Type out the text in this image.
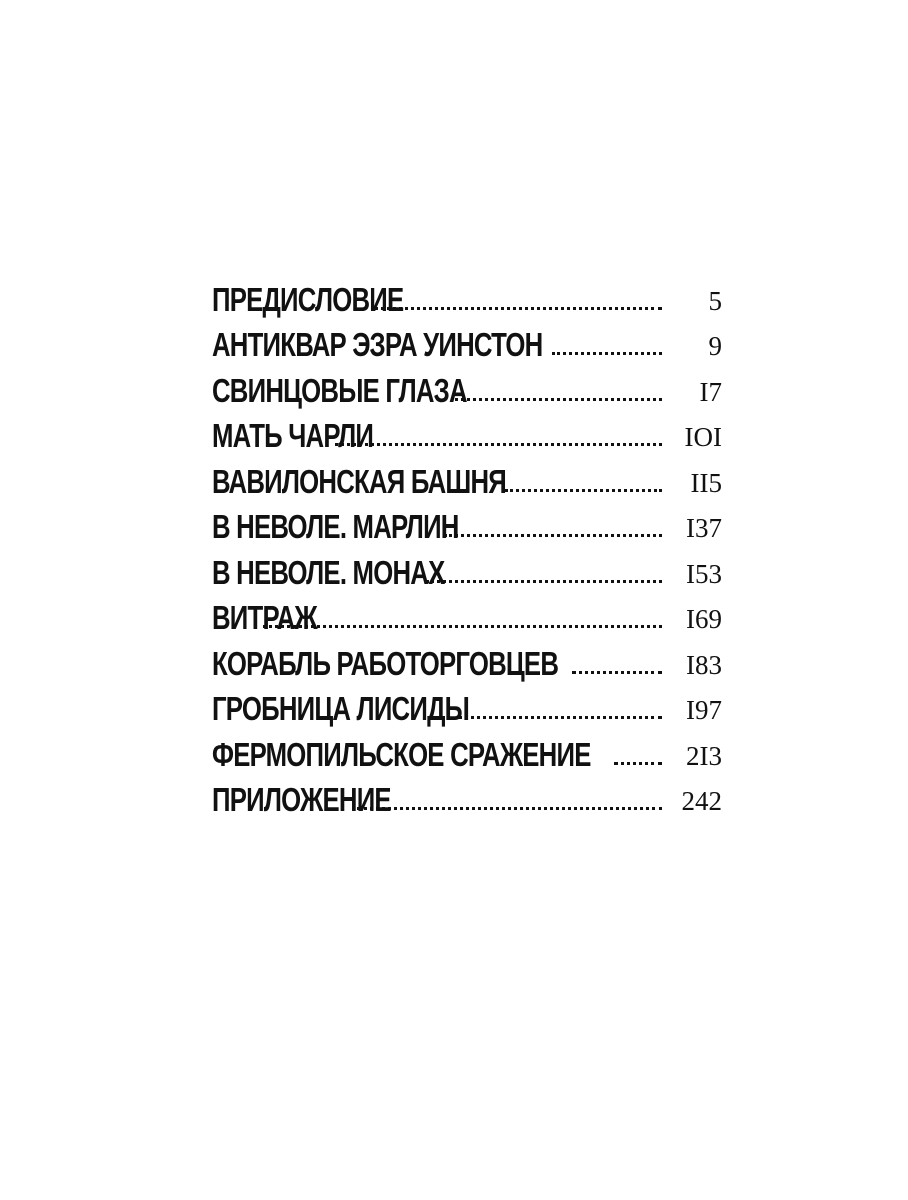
ПРЕДИСЛОВИЕ	5
АНТИКВАР ЭЗРА УИНСТОН	9
СВИНЦОВЫЕ ГЛАЗА	I7
МАТЬ ЧАРЛИ	IOI
ВАВИЛОНСКАЯ БАШНЯ	II5
В НЕВОЛЕ. МАРЛИН	I37
В НЕВОЛЕ. МОНАХ	I53
ВИТРАЖ	I69
КОРАБЛЬ РАБОТОРГОВЦЕВ	I83
ГРОБНИЦА ЛИСИДЫ	I97
ФЕРМОПИЛЬСКОЕ СРАЖЕНИЕ	2I3
ПРИЛОЖЕНИЕ	242
